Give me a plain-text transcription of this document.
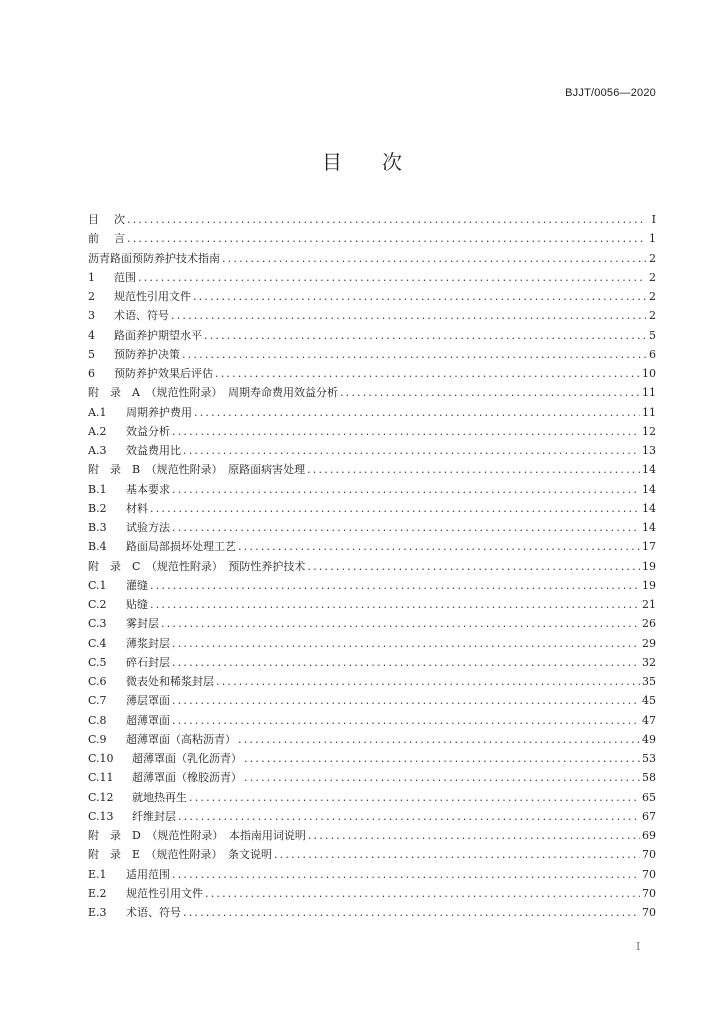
BJJT/0056—2020
目 次
目	次 .....	I
前	言 .....	1
沥青路面预防养护技术指南 .....	2
1	范围 .....	2
2	规范性引用文件 .....	2
3	术语、符号 .....	2
4	路面养护期望水平 .....	5
5	预防养护决策 .....	6
6	预防养护效果后评估 .....	10
附　录　A　（规范性附录）　周期寿命费用效益分析 .....	11
A.1	周期养护费用 .....	11
A.2	效益分析 .....	12
A.3	效益费用比 .....	13
附　录　B　（规范性附录）　原路面病害处理 .....	14
B.1	基本要求 .....	14
B.2	材料 .....	14
B.3	试验方法 .....	14
B.4	路面局部损坏处理工艺 .....	17
附　录　C　（规范性附录）　预防性养护技术 .....	19
C.1	灌缝 .....	19
C.2	贴缝 .....	21
C.3	雾封层 .....	26
C.4	薄浆封层 .....	29
C.5	碎石封层 .....	32
C.6	微表处和稀浆封层 .....	35
C.7	薄层罩面 .....	45
C.8	超薄罩面 .....	47
C.9	超薄罩面（高粘沥青） .....	49
C.10	超薄罩面（乳化沥青） .....	53
C.11	超薄罩面（橡胶沥青） .....	58
C.12	就地热再生 .....	65
C.13	纤维封层 .....	67
附　录　D　（规范性附录）　本指南用词说明 .....	69
附　录　E　（规范性附录）　条文说明 .....	70
E.1	适用范围 .....	70
E.2	规范性引用文件 .....	70
E.3	术语、符号 .....	70
I
